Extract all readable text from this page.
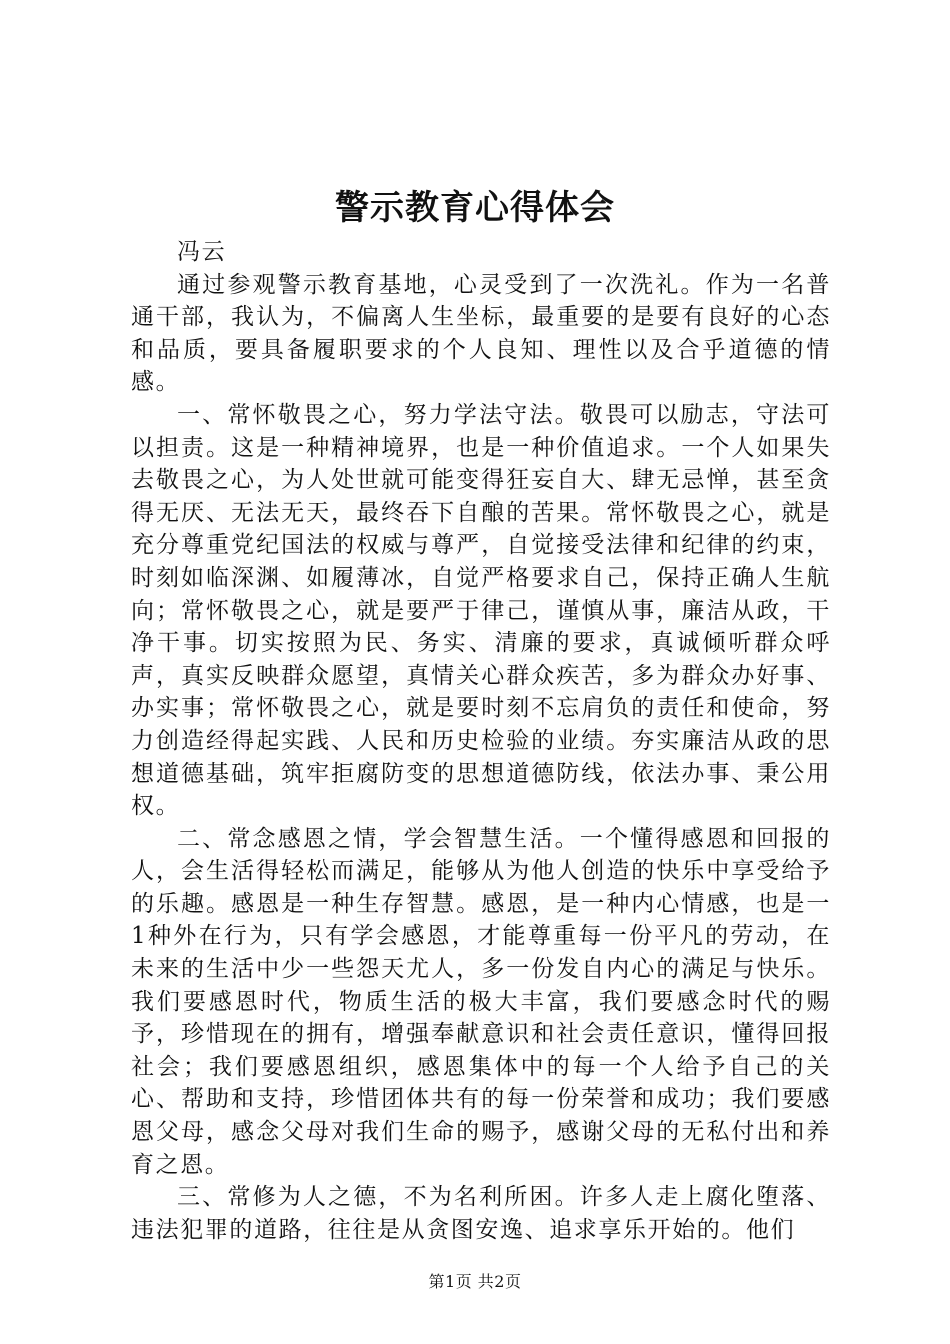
警示教育心得体会

冯云

通过参观警示教育基地，心灵受到了一次洗礼。作为一名普通干部，我认为，不偏离人生坐标，最重要的是要有良好的心态和品质，要具备履职要求的个人良知、理性以及合乎道德的情感。

一、常怀敬畏之心，努力学法守法。敬畏可以励志，守法可以担责。这是一种精神境界，也是一种价值追求。一个人如果失去敬畏之心，为人处世就可能变得狂妄自大、肆无忌惮，甚至贪得无厌、无法无天，最终吞下自酿的苦果。常怀敬畏之心，就是充分尊重党纪国法的权威与尊严，自觉接受法律和纪律的约束，时刻如临深渊、如履薄冰，自觉严格要求自己，保持正确人生航向；常怀敬畏之心，就是要严于律己，谨慎从事，廉洁从政，干净干事。切实按照为民、务实、清廉的要求，真诚倾听群众呼声，真实反映群众愿望，真情关心群众疾苦，多为群众办好事、办实事；常怀敬畏之心，就是要时刻不忘肩负的责任和使命，努力创造经得起实践、人民和历史检验的业绩。夯实廉洁从政的思想道德基础，筑牢拒腐防变的思想道德防线，依法办事、秉公用权。

二、常念感恩之情，学会智慧生活。一个懂得感恩和回报的人，会生活得轻松而满足，能够从为他人创造的快乐中享受给予的乐趣。感恩是一种生存智慧。感恩，是一种内心情感，也是一1种外在行为，只有学会感恩，才能尊重每一份平凡的劳动，在未来的生活中少一些怨天尤人，多一份发自内心的满足与快乐。我们要感恩时代，物质生活的极大丰富，我们要感念时代的赐予，珍惜现在的拥有，增强奉献意识和社会责任意识，懂得回报社会；我们要感恩组织，感恩集体中的每一个人给予自己的关心、帮助和支持，珍惜团体共有的每一份荣誉和成功；我们要感恩父母，感念父母对我们生命的赐予，感谢父母的无私付出和养育之恩。

三、常修为人之德，不为名利所困。许多人走上腐化堕落、违法犯罪的道路，往往是从贪图安逸、追求享乐开始的。他们

第1页 共2页
